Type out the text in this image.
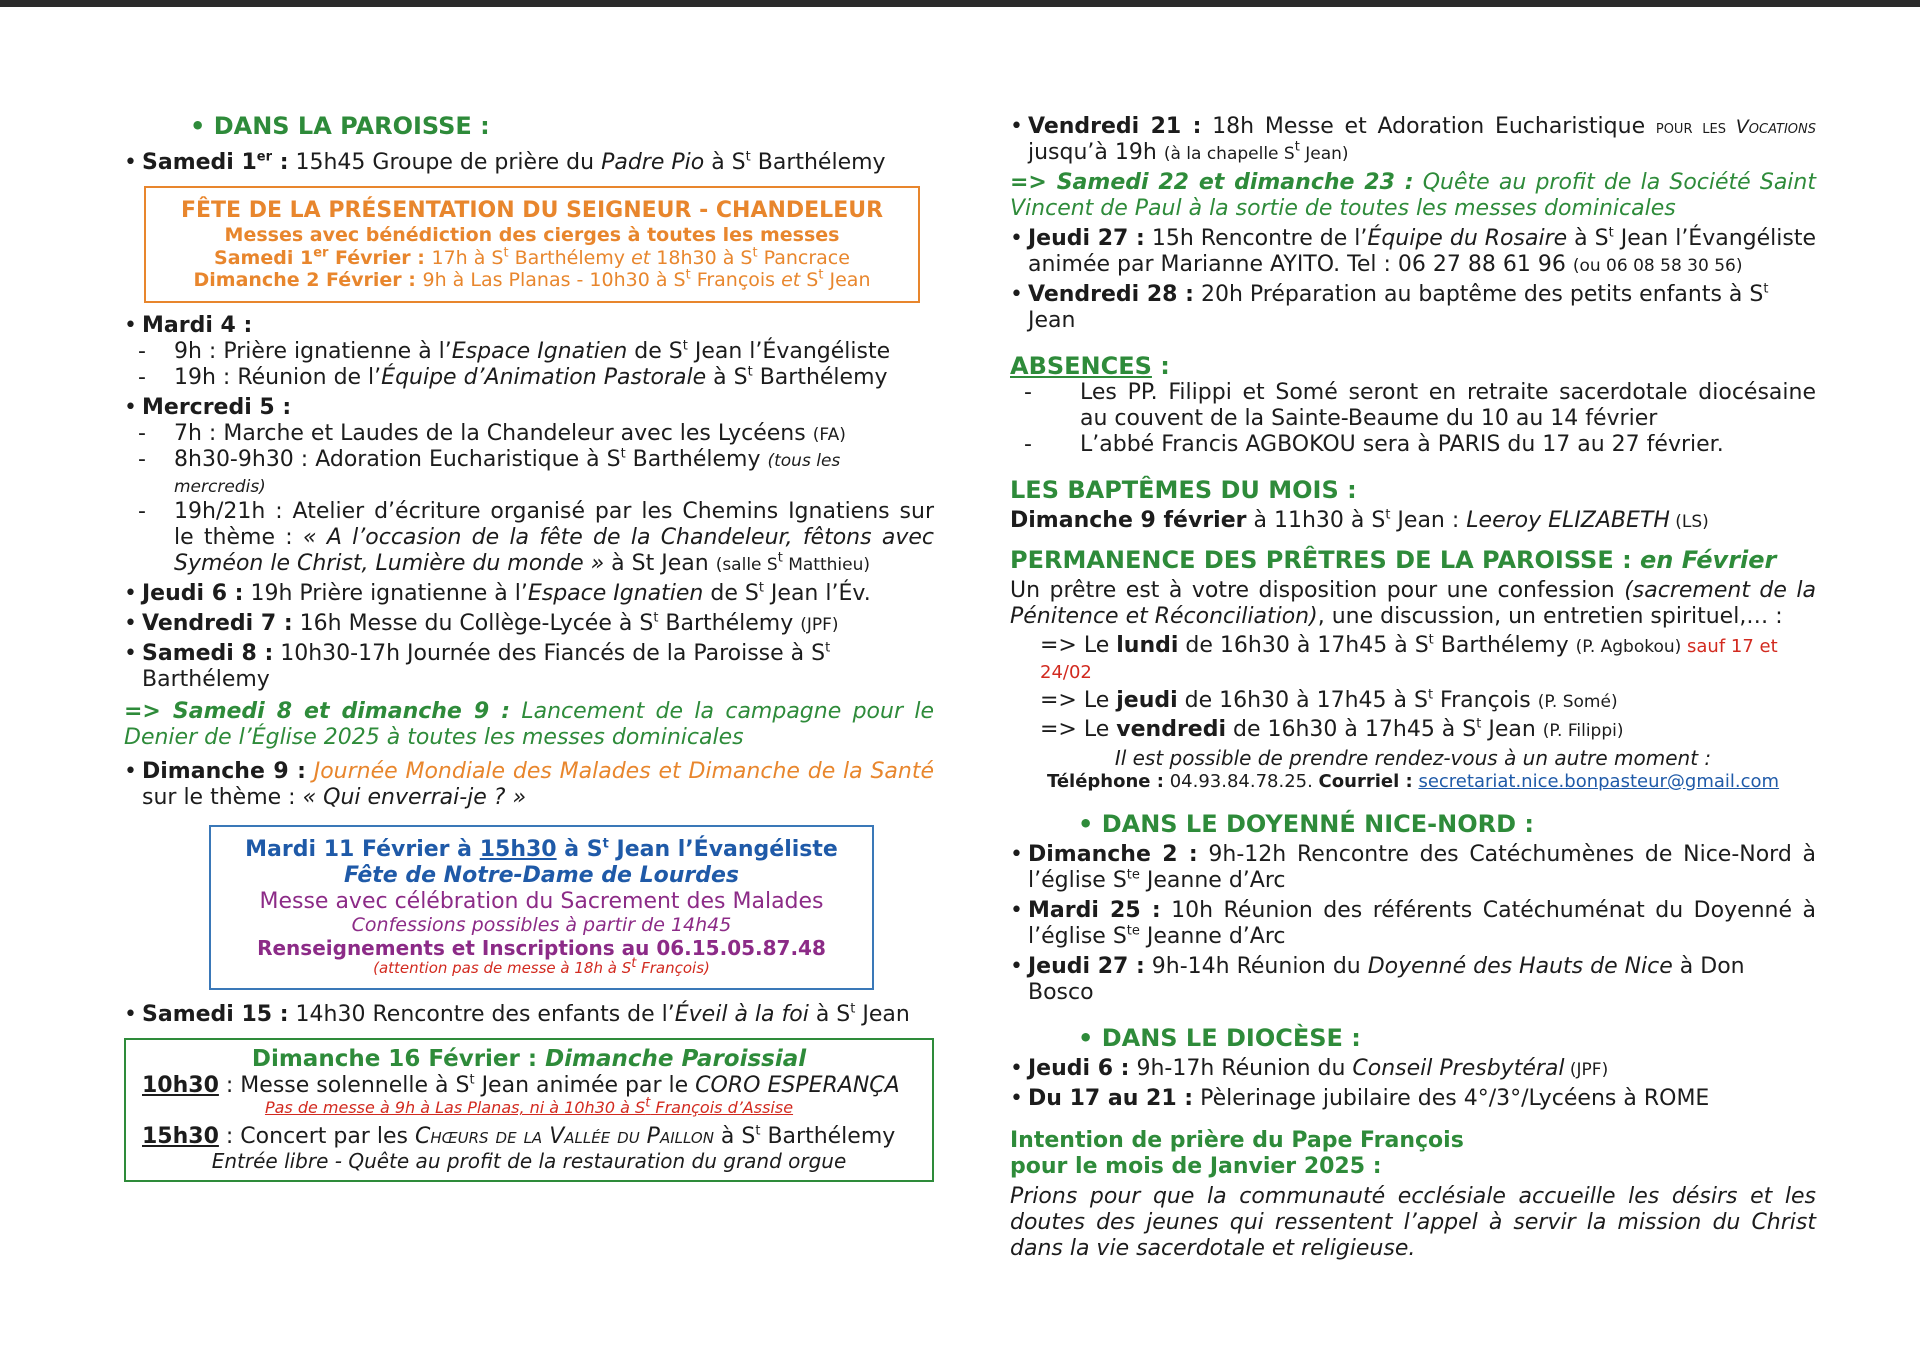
• DANS LA PAROISSE :
• Samedi 1er : 15h45 Groupe de prière du Padre Pio à $S^t$ Barthélemy
FÊTE DE LA PRÉSENTATION DU SEIGNEUR - CHANDELEUR
Messes avec bénédiction des cierges à toutes les messes
Samedi 1er Février : 17h à $S^t$ Barthélemy et 18h30 à $S^t$ Pancrace
Dimanche 2 Février : 9h à Las Planas - 10h30 à $S^t$ François et $S^t$ Jean
• Mardi 4 :
- 9h : Prière ignatienne à l’Espace Ignatien de $S^t$ Jean l’Évangéliste
- 19h : Réunion de l’Équipe d’Animation Pastorale à $S^t$ Barthélemy
• Mercredi 5 :
- 7h : Marche et Laudes de la Chandeleur avec les Lycéens (FA)
- 8h30-9h30 : Adoration Eucharistique à $S^t$ Barthélemy (tous les mercredis)
- 19h/21h : Atelier d’écriture organisé par les Chemins Ignatiens sur le thème : « A l’occasion de la fête de la Chandeleur, fêtons avec Syméon le Christ, Lumière du monde » à St Jean (salle $S^t$ Matthieu)
• Jeudi 6 : 19h Prière ignatienne à l’Espace Ignatien de $S^t$ Jean l’Év.
• Vendredi 7 : 16h Messe du Collège-Lycée à $S^t$ Barthélemy (JPF)
• Samedi 8 : 10h30-17h Journée des Fiancés de la Paroisse à $S^t$ Barthélemy
=> Samedi 8 et dimanche 9 : Lancement de la campagne pour le Denier de l’Église 2025 à toutes les messes dominicales
• Dimanche 9 : Journée Mondiale des Malades et Dimanche de la Santé sur le thème : « Qui enverrai-je ? »
Mardi 11 Février à 15h30 à $S^t$ Jean l’Évangéliste
Fête de Notre-Dame de Lourdes
Messe avec célébration du Sacrement des Malades
Confessions possibles à partir de 14h45
Renseignements et Inscriptions au 06.15.05.87.48
(attention pas de messe à 18h à $S^t$ François)
• Samedi 15 : 14h30 Rencontre des enfants de l’Éveil à la foi à $S^t$ Jean
Dimanche 16 Février : Dimanche Paroissial
10h30 : Messe solennelle à $S^t$ Jean animée par le CORO ESPERANÇA
Pas de messe à 9h à Las Planas, ni à 10h30 à $S^t$ François d’Assise
15h30 : Concert par les Chœurs de la Vallée du Paillon à $S^t$ Barthélemy
Entrée libre - Quête au profit de la restauration du grand orgue
• Vendredi 21 : 18h Messe et Adoration Eucharistique pour les Vocations jusqu’à 19h (à la chapelle $S^t$ Jean)
=> Samedi 22 et dimanche 23 : Quête au profit de la Société Saint Vincent de Paul à la sortie de toutes les messes dominicales
• Jeudi 27 : 15h Rencontre de l’Équipe du Rosaire à $S^t$ Jean l’Évangéliste animée par Marianne AYITO. Tel : 06 27 88 61 96 (ou 06 08 58 30 56)
• Vendredi 28 : 20h Préparation au baptême des petits enfants à $S^t$ Jean
ABSENCES :
- Les PP. Filippi et Somé seront en retraite sacerdotale diocésaine au couvent de la Sainte-Beaume du 10 au 14 février
- L’abbé Francis AGBOKOU sera à PARIS du 17 au 27 février.
LES BAPTÊMES DU MOIS :
Dimanche 9 février à 11h30 à $S^t$ Jean : Leeroy ELIZABETH (LS)
PERMANENCE DES PRÊTRES DE LA PAROISSE : en Février
Un prêtre est à votre disposition pour une confession (sacrement de la Pénitence et Réconciliation), une discussion, un entretien spirituel,… :
=> Le lundi de 16h30 à 17h45 à $S^t$ Barthélemy (P. Agbokou) sauf 17 et 24/02
=> Le jeudi de 16h30 à 17h45 à $S^t$ François (P. Somé)
=> Le vendredi de 16h30 à 17h45 à $S^t$ Jean (P. Filippi)
Il est possible de prendre rendez-vous à un autre moment :
Téléphone : 04.93.84.78.25. Courriel : secretariat.nice.bonpasteur@gmail.com
• DANS LE DOYENNÉ NICE-NORD :
• Dimanche 2 : 9h-12h Rencontre des Catéchumènes de Nice-Nord à l’église $S^{te}$ Jeanne d’Arc
• Mardi 25 : 10h Réunion des référents Catéchuménat du Doyenné à l’église $S^{te}$ Jeanne d’Arc
• Jeudi 27 : 9h-14h Réunion du Doyenné des Hauts de Nice à Don Bosco
• DANS LE DIOCÈSE :
• Jeudi 6 : 9h-17h Réunion du Conseil Presbytéral (JPF)
• Du 17 au 21 : Pèlerinage jubilaire des 4°/3°/Lycéens à ROME
Intention de prière du Pape François
pour le mois de Janvier 2025 :
Prions pour que la communauté ecclésiale accueille les désirs et les doutes des jeunes qui ressentent l’appel à servir la mission du Christ dans la vie sacerdotale et religieuse.
